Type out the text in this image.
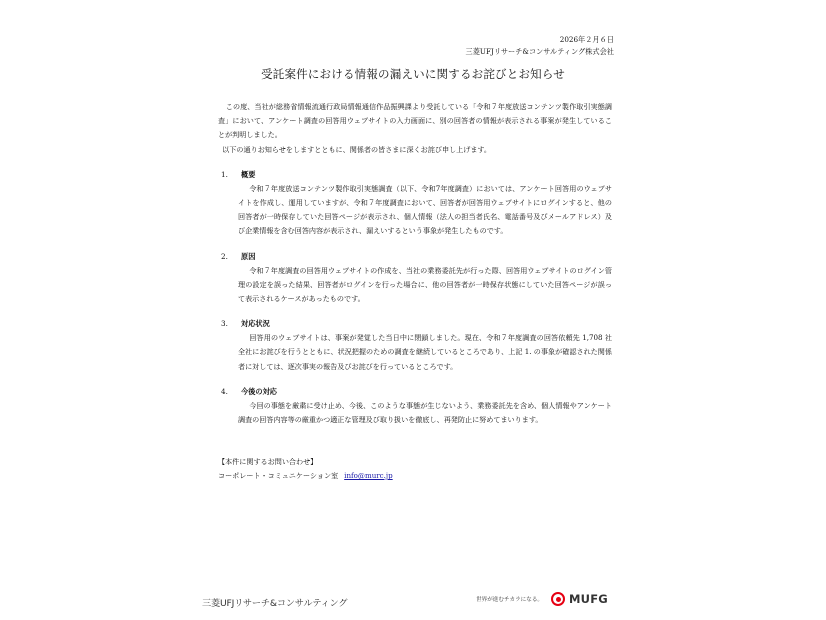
2026年２月６日
三菱UFJリサーチ&コンサルティング株式会社
受託案件における情報の漏えいに関するお詫びとお知らせ

この度、当社が総務省情報流通行政局情報通信作品振興課より受託している「令和７年度放送コンテンツ製作取引実態調査」において、アンケート調査の回答用ウェブサイトの入力画面に、別の回答者の情報が表示される事案が発生していることが判明しました。

以下の通りお知らせをしますとともに、関係者の皆さまに深くお詫び申し上げます。

1.	概要

令和７年度放送コンテンツ製作取引実態調査（以下、令和7年度調査）においては、アンケート回答用のウェブサイトを作成し、運用していますが、令和７年度調査において、回答者が回答用ウェブサイトにログインすると、他の回答者が一時保存していた回答ページが表示され、個人情報（法人の担当者氏名、電話番号及びメールアドレス）及び企業情報を含む回答内容が表示され、漏えいするという事象が発生したものです。

2.	原因

令和７年度調査の回答用ウェブサイトの作成を、当社の業務委託先が行った際、回答用ウェブサイトのログイン管理の設定を誤った結果、回答者がログインを行った場合に、他の回答者が一時保存状態にしていた回答ページが誤って表示されるケースがあったものです。

3.	対応状況

回答用のウェブサイトは、事案が発覚した当日中に閉鎖しました。現在、令和７年度調査の回答依頼先 1,708 社全社にお詫びを行うとともに、状況把握のための調査を継続しているところであり、上記 1. の事象が確認された関係者に対しては、逐次事実の報告及びお詫びを行っているところです。

4.	今後の対応

今回の事態を厳粛に受け止め、今後、このような事態が生じないよう、業務委託先を含め、個人情報やアンケート調査の回答内容等の厳重かつ適正な管理及び取り扱いを徹底し、再発防止に努めてまいります。

【本件に関するお問い合わせ】
コーポレート・コミュニケーション室 info@murc.jp
三菱UFJリサーチ&コンサルティング	世界が進むチカラになる。 MUFG
